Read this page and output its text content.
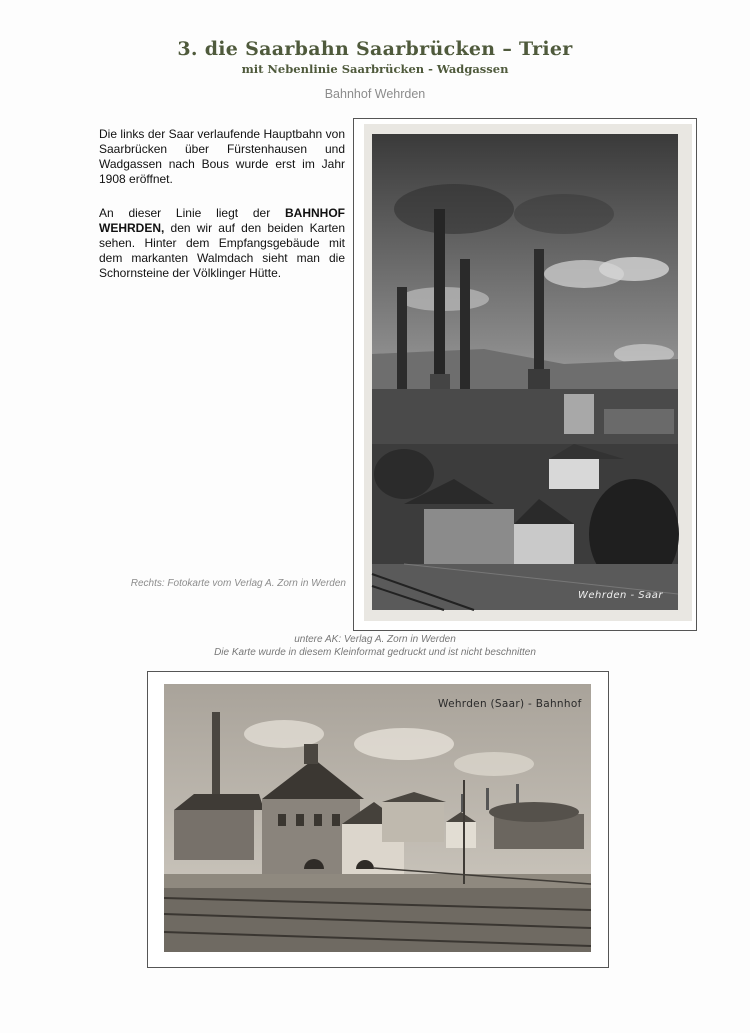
3. die Saarbahn Saarbrücken – Trier
mit Nebenlinie Saarbrücken - Wadgassen
Bahnhof Wehrden
Die links der Saar verlaufende Hauptbahn von Saarbrücken über Fürstenhausen und Wadgassen nach Bous wurde erst im Jahr 1908 eröffnet.
An dieser Linie liegt der BAHNHOF WEHRDEN, den wir auf den beiden Karten sehen. Hinter dem Empfangsgebäude mit dem markanten Walmdach sieht man die Schornsteine der Völklinger Hütte.
Rechts: Fotokarte vom Verlag A. Zorn in Werden
untere AK: Verlag A. Zorn in Werden
Die Karte wurde in diesem Kleinformat gedruckt und ist nicht beschnitten
Wehrden - Saar
Wehrden (Saar) - Bahnhof
